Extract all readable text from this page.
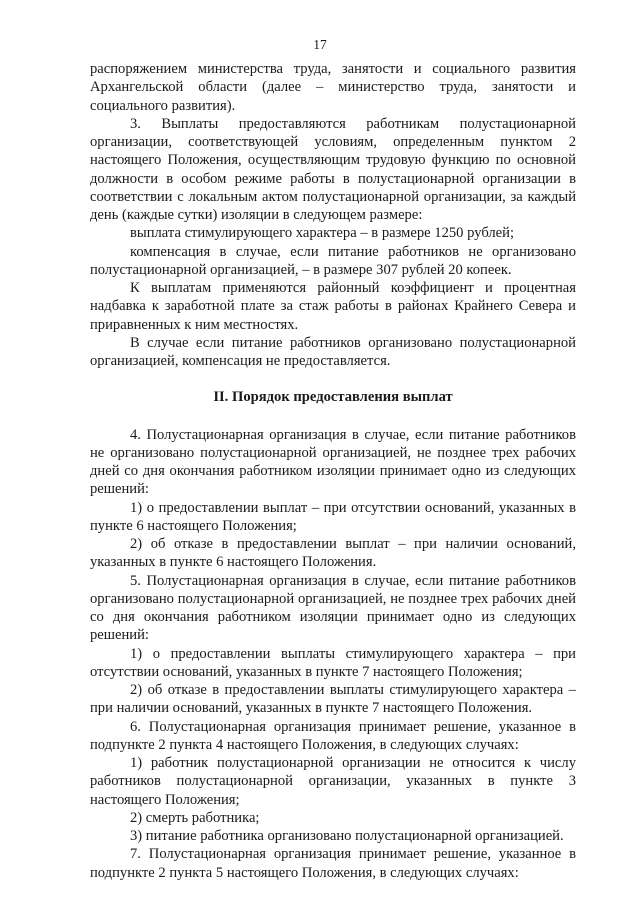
17

распоряжением министерства труда, занятости и социального развития Архангельской области (далее – министерство труда, занятости и социального развития).

3. Выплаты предоставляются работникам полустационарной организации, соответствующей условиям, определенным пунктом 2 настоящего Положения, осуществляющим трудовую функцию по основной должности в особом режиме работы в полустационарной организации в соответствии с локальным актом полустационарной организации, за каждый день (каждые сутки) изоляции в следующем размере:

выплата стимулирующего характера – в размере 1250 рублей;

компенсация в случае, если питание работников не организовано полустационарной организацией, – в размере 307 рублей 20 копеек.

К выплатам применяются районный коэффициент и процентная надбавка к заработной плате за стаж работы в районах Крайнего Севера и приравненных к ним местностях.

В случае если питание работников организовано полустационарной организацией, компенсация не предоставляется.

II. Порядок предоставления выплат

4. Полустационарная организация в случае, если питание работников не организовано полустационарной организацией, не позднее трех рабочих дней со дня окончания работником изоляции принимает одно из следующих решений:

1) о предоставлении выплат – при отсутствии оснований, указанных в пункте 6 настоящего Положения;

2) об отказе в предоставлении выплат – при наличии оснований, указанных в пункте 6 настоящего Положения.

5. Полустационарная организация в случае, если питание работников организовано полустационарной организацией, не позднее трех рабочих дней со дня окончания работником изоляции принимает одно из следующих решений:

1) о предоставлении выплаты стимулирующего характера – при отсутствии оснований, указанных в пункте 7 настоящего Положения;

2) об отказе в предоставлении выплаты стимулирующего характера – при наличии оснований, указанных в пункте 7 настоящего Положения.

6. Полустационарная организация принимает решение, указанное в подпункте 2 пункта 4 настоящего Положения, в следующих случаях:

1) работник полустационарной организации не относится к числу работников полустационарной организации, указанных в пункте 3 настоящего Положения;

2) смерть работника;

3) питание работника организовано полустационарной организацией.

7. Полустационарная организация принимает решение, указанное в подпункте 2 пункта 5 настоящего Положения, в следующих случаях:
